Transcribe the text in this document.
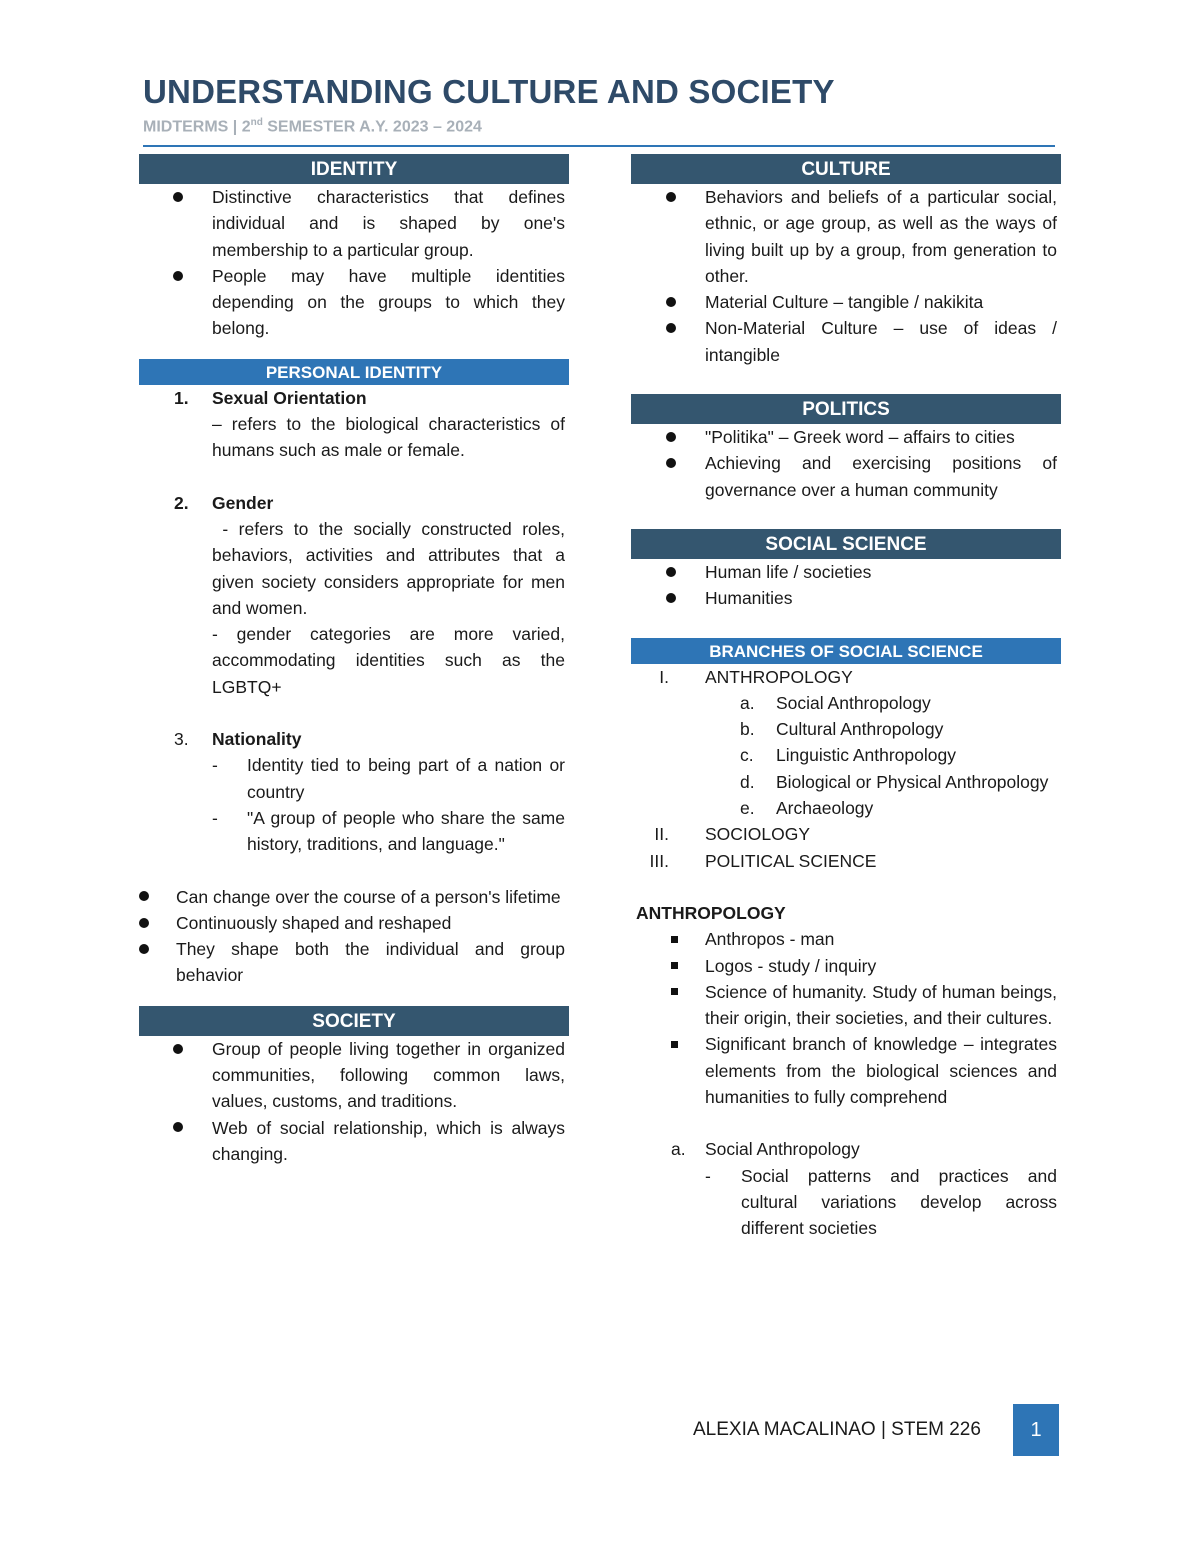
UNDERSTANDING CULTURE AND SOCIETY
MIDTERMS | 2nd SEMESTER A.Y. 2023 – 2024
IDENTITY
Distinctive characteristics that defines individual and is shaped by one's membership to a particular group.
People may have multiple identities depending on the groups to which they belong.
PERSONAL IDENTITY
1.	Sexual Orientation
– refers to the biological characteristics of humans such as male or female.
2.	Gender
- refers to the socially constructed roles, behaviors, activities and attributes that a given society considers appropriate for men and women.
- gender categories are more varied, accommodating identities such as the LGBTQ+
3.	Nationality
-	Identity tied to being part of a nation or country
-	"A group of people who share the same history, traditions, and language."
Can change over the course of a person's lifetime
Continuously shaped and reshaped
They shape both the individual and group behavior
SOCIETY
Group of people living together in organized communities, following common laws, values, customs, and traditions.
Web of social relationship, which is always changing.
CULTURE
Behaviors and beliefs of a particular social, ethnic, or age group, as well as the ways of living built up by a group, from generation to other.
Material Culture – tangible / nakikita
Non-Material Culture – use of ideas / intangible
POLITICS
"Politika" – Greek word – affairs to cities
Achieving and exercising positions of governance over a human community
SOCIAL SCIENCE
Human life / societies
Humanities
BRANCHES OF SOCIAL SCIENCE
I.	ANTHROPOLOGY
a.	Social Anthropology
b.	Cultural Anthropology
c.	Linguistic Anthropology
d.	Biological or Physical Anthropology
e.	Archaeology
II.	SOCIOLOGY
III.	POLITICAL SCIENCE
ANTHROPOLOGY
Anthropos - man
Logos - study / inquiry
Science of humanity. Study of human beings, their origin, their societies, and their cultures.
Significant branch of knowledge – integrates elements from the biological sciences and humanities to fully comprehend
a.	Social Anthropology
-	Social patterns and practices and cultural variations develop across different societies
ALEXIA MACALINAO | STEM 226	1
